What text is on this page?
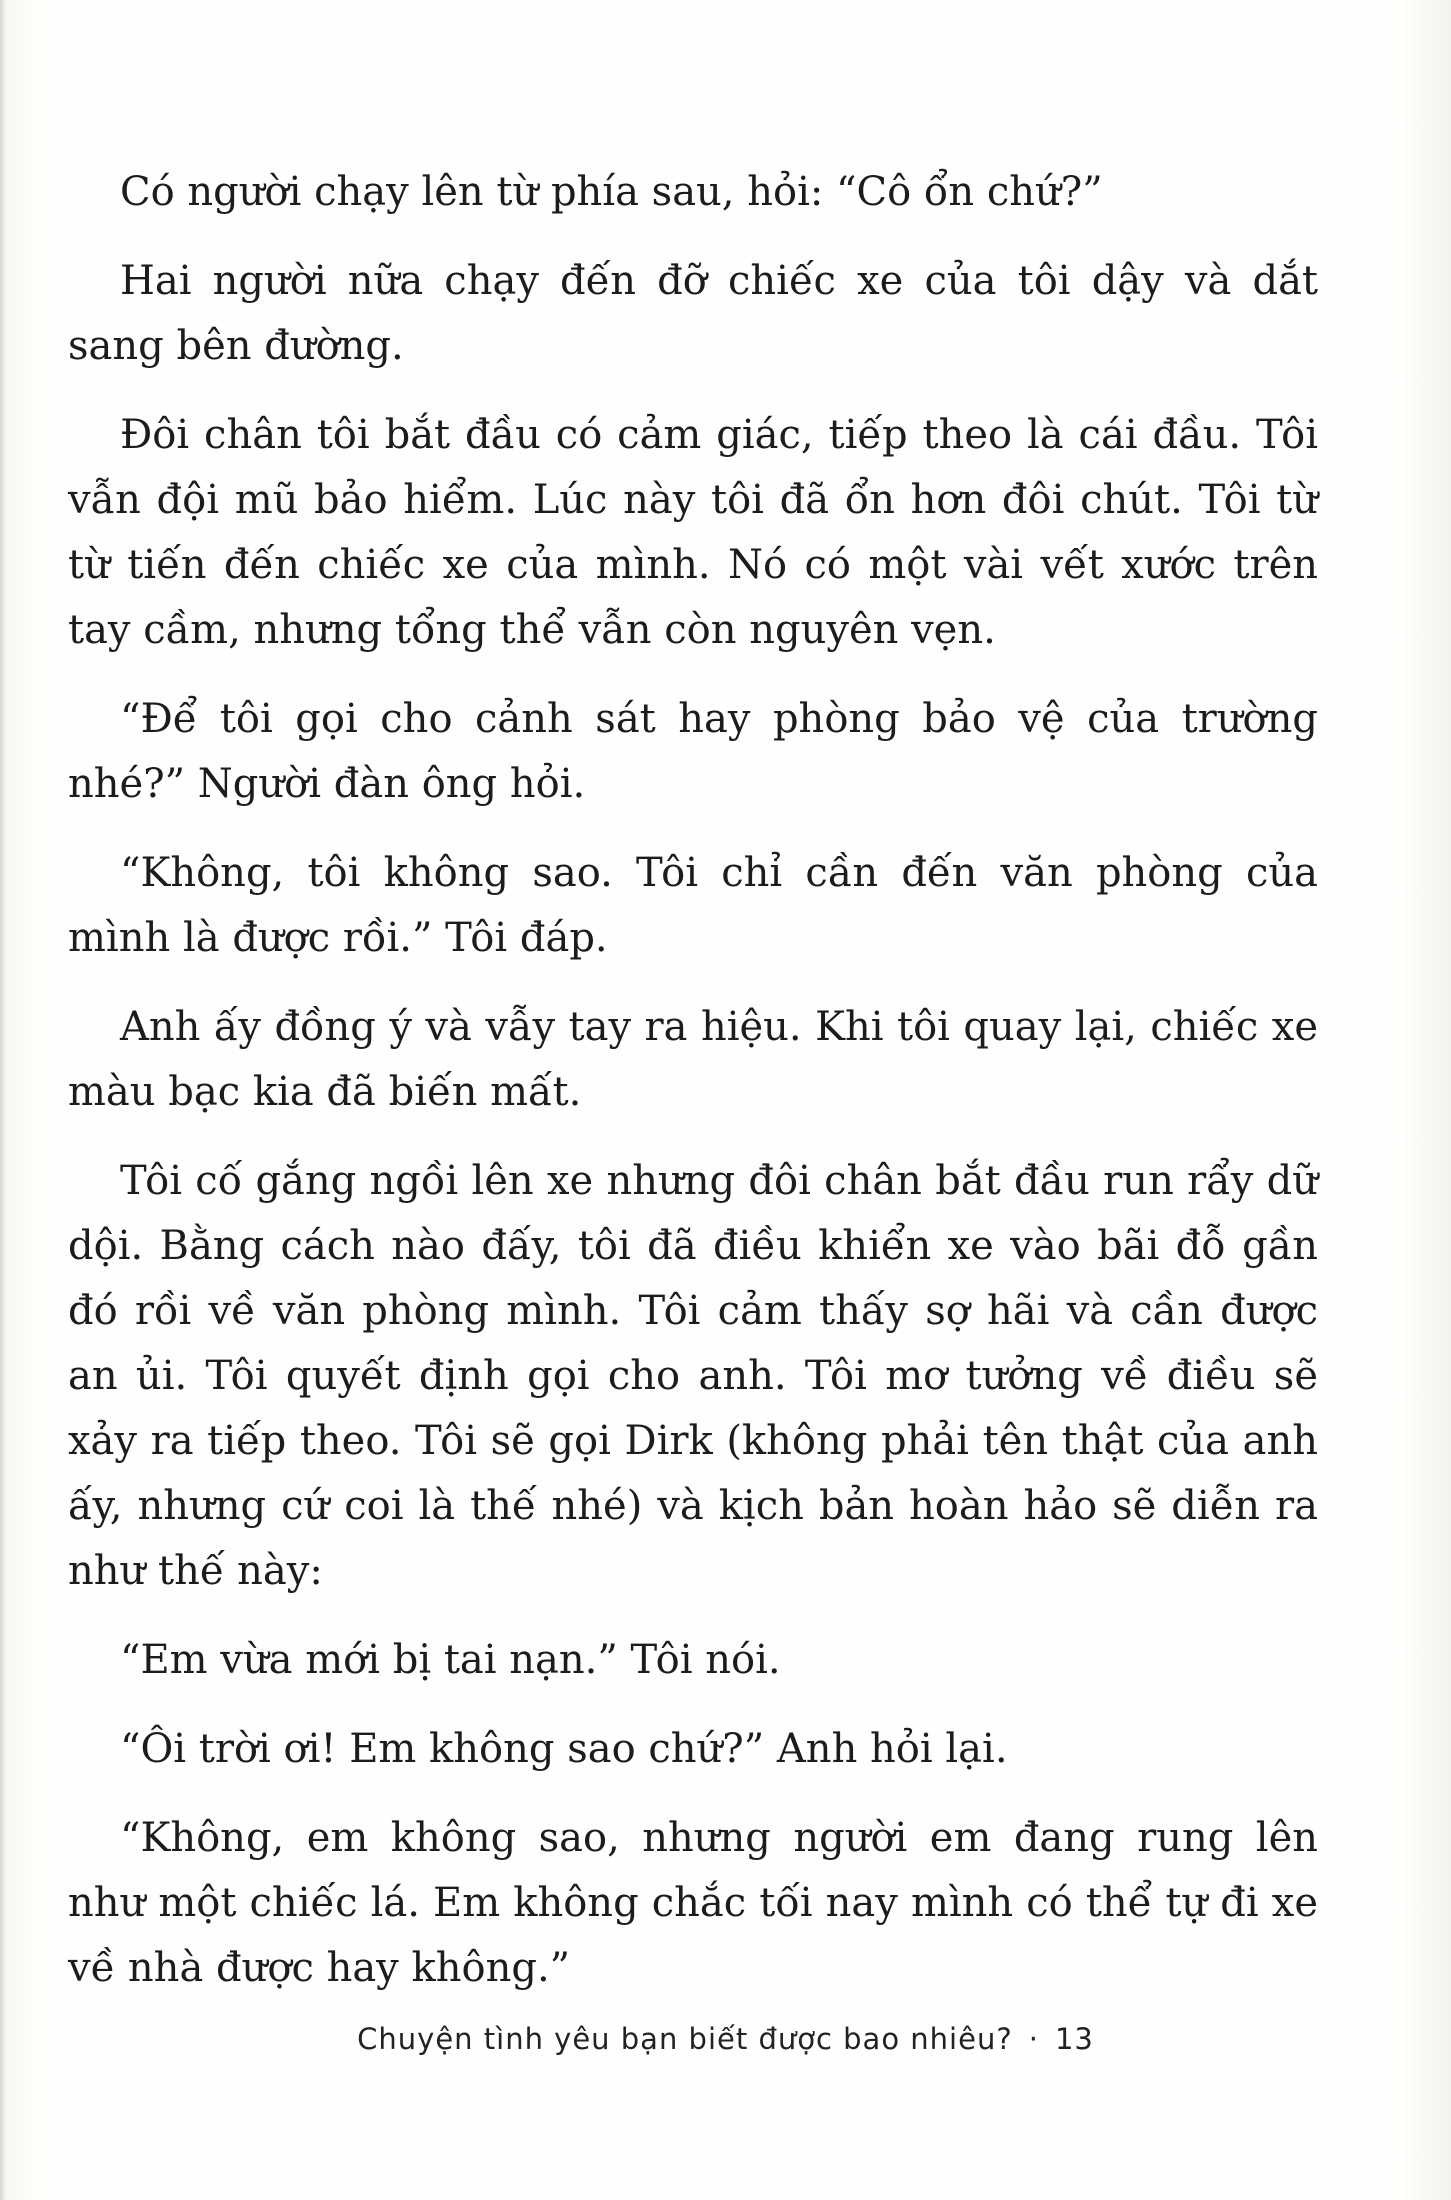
Có người chạy lên từ phía sau, hỏi: “Cô ổn chứ?”

Hai người nữa chạy đến đỡ chiếc xe của tôi dậy và dắt sang bên đường.

Đôi chân tôi bắt đầu có cảm giác, tiếp theo là cái đầu. Tôi vẫn đội mũ bảo hiểm. Lúc này tôi đã ổn hơn đôi chút. Tôi từ từ tiến đến chiếc xe của mình. Nó có một vài vết xước trên tay cầm, nhưng tổng thể vẫn còn nguyên vẹn.

“Để tôi gọi cho cảnh sát hay phòng bảo vệ của trường nhé?” Người đàn ông hỏi.

“Không, tôi không sao. Tôi chỉ cần đến văn phòng của mình là được rồi.” Tôi đáp.

Anh ấy đồng ý và vẫy tay ra hiệu. Khi tôi quay lại, chiếc xe màu bạc kia đã biến mất.

Tôi cố gắng ngồi lên xe nhưng đôi chân bắt đầu run rẩy dữ dội. Bằng cách nào đấy, tôi đã điều khiển xe vào bãi đỗ gần đó rồi về văn phòng mình. Tôi cảm thấy sợ hãi và cần được an ủi. Tôi quyết định gọi cho anh. Tôi mơ tưởng về điều sẽ xảy ra tiếp theo. Tôi sẽ gọi Dirk (không phải tên thật của anh ấy, nhưng cứ coi là thế nhé) và kịch bản hoàn hảo sẽ diễn ra như thế này:

“Em vừa mới bị tai nạn.” Tôi nói.

“Ôi trời ơi! Em không sao chứ?” Anh hỏi lại.

“Không, em không sao, nhưng người em đang rung lên như một chiếc lá. Em không chắc tối nay mình có thể tự đi xe về nhà được hay không.”

Chuyện tình yêu bạn biết được bao nhiêu? · 13
